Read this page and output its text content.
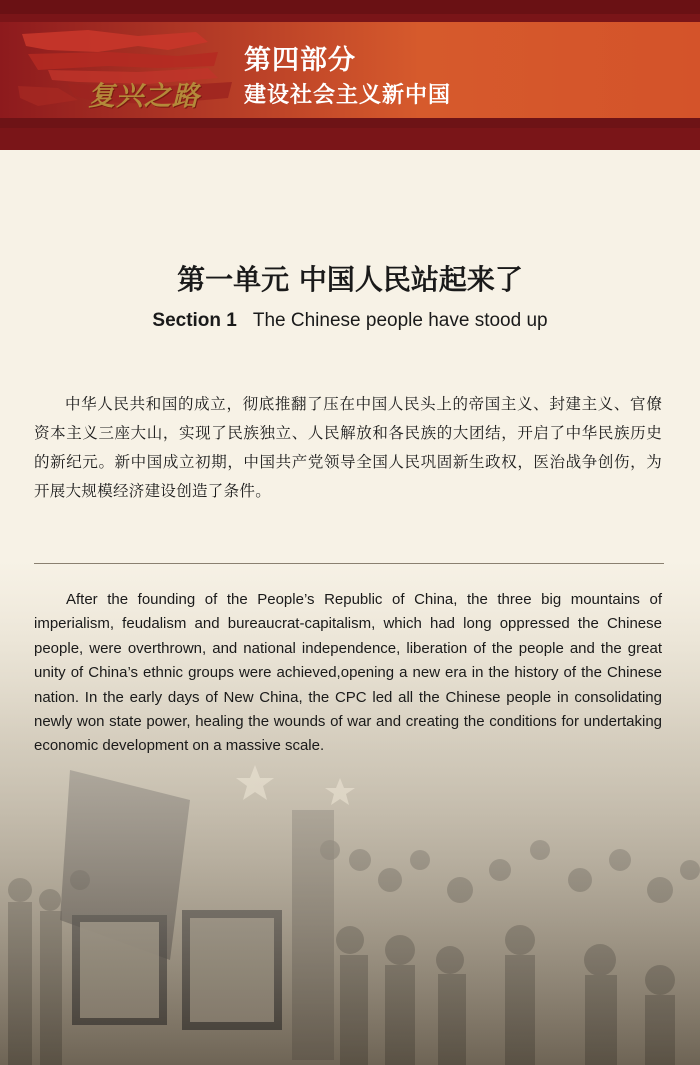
复兴之路
第四部分
建设社会主义新中国
第一单元 中国人民站起来了
Section 1 The Chinese people have stood up
中华人民共和国的成立，彻底推翻了压在中国人民头上的帝国主义、封建主义、官僚资本主义三座大山，实现了民族独立、人民解放和各民族的大团结，开启了中华民族历史的新纪元。新中国成立初期，中国共产党领导全国人民巩固新生政权，医治战争创伤，为开展大规模经济建设创造了条件。
After the founding of the People’s Republic of China, the three big mountains of imperialism, feudalism and bureaucrat-capitalism, which had long oppressed the Chinese people, were overthrown, and national independence, liberation of the people and the great unity of China’s ethnic groups were achieved,opening a new era in the history of the Chinese nation. In the early days of New China, the CPC led all the Chinese people in consolidating newly won state power, healing the wounds of war and creating the conditions for undertaking economic development on a massive scale.
